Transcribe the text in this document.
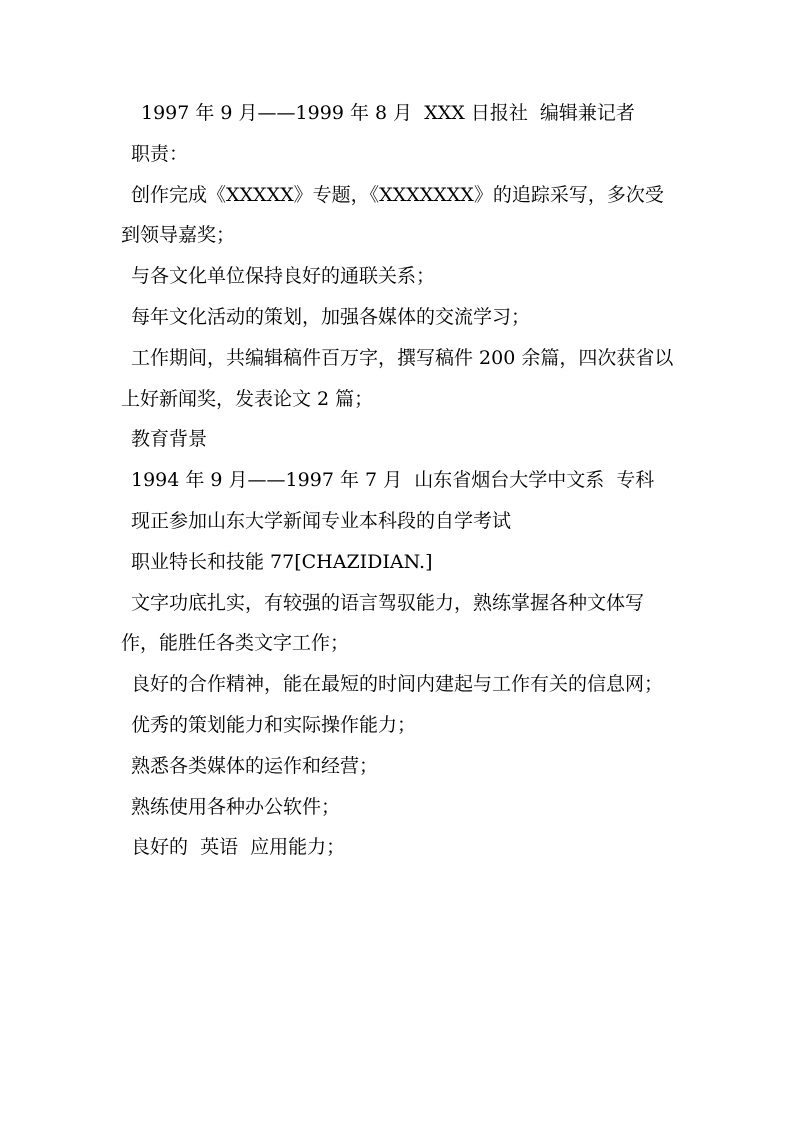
1997 年 9 月——1999 年 8 月  XXX 日报社  编辑兼记者

职责：

创作完成《XXXXX》专题，《XXXXXXX》的追踪采写，多次受到领导嘉奖；

与各文化单位保持良好的通联关系；

每年文化活动的策划，加强各媒体的交流学习；

工作期间，共编辑稿件百万字，撰写稿件 200 余篇，四次获省以上好新闻奖，发表论文 2 篇；

教育背景

1994 年 9 月——1997 年 7 月  山东省烟台大学中文系  专科

现正参加山东大学新闻专业本科段的自学考试

职业特长和技能 77[CHAZIDIAN.]

文字功底扎实，有较强的语言驾驭能力，熟练掌握各种文体写作，能胜任各类文字工作；

良好的合作精神，能在最短的时间内建起与工作有关的信息网；

优秀的策划能力和实际操作能力；

熟悉各类媒体的运作和经营；

熟练使用各种办公软件；

良好的  英语  应用能力；
